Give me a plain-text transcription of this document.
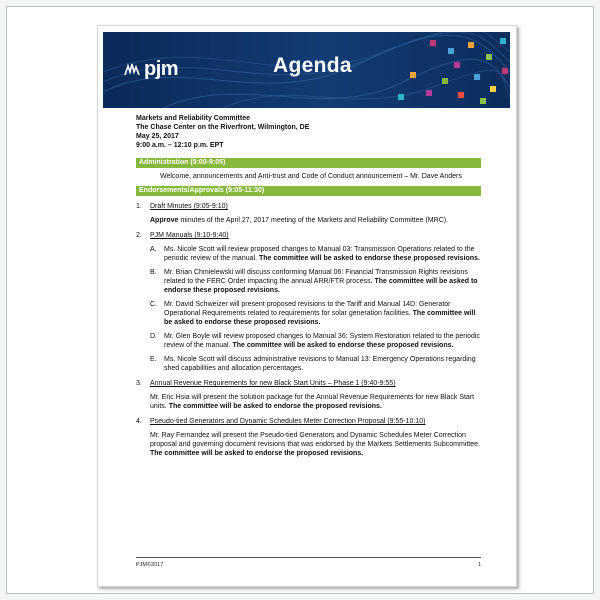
pjm	Agenda
Markets and Reliability Committee
The Chase Center on the Riverfront, Wilmington, DE
May 25, 2017
9:00 a.m. – 12:10 p.m. EPT
Administration (9:00-9:05)
Welcome, announcements and Anti-trust and Code of Conduct announcement – Mr. Dave Anders
Endorsements/Approvals (9:05-11:30)
1.	Draft Minutes (9:05-9:10)
Approve minutes of the April 27, 2017 meeting of the Markets and Reliability Committee (MRC).
2.	PJM Manuals (9:10-9:40)
A.	Ms. Nicole Scott will review proposed changes to Manual 03: Transmission Operations related to the periodic review of the manual. The committee will be asked to endorse these proposed revisions.
B.	Mr. Brian Chmielewski will discuss conforming Manual 06: Financial Transmission Rights revisions related to the FERC Order impacting the annual ARR/FTR process. The committee will be asked to endorse these proposed revisions.
C.	Mr. David Schweizer will present proposed revisions to the Tariff and Manual 14D: Generator Operational Requirements related to requirements for solar generation facilities. The committee will be asked to endorse these proposed revisions.
D.	Mr. Glen Boyle will review proposed changes to Manual 36: System Restoration related to the periodic review of the manual. The committee will be asked to endorse these proposed revisions.
E.	Ms. Nicole Scott will discuss administrative revisions to Manual 13: Emergency Operations regarding shed capabilities and allocation percentages.
3.	Annual Revenue Requirements for new Black Start Units – Phase 1 (9:40-9:55)
Mr. Eric Hsia will present the solution package for the Annual Revenue Requirements for new Black Start units. The committee will be asked to endorse the proposed revisions.
4.	Pseudo-tied Generators and Dynamic Schedules Meter Correction Proposal (9:55-10:10)
Mr. Ray Fernandez will present the Pseudo-tied Generators and Dynamic Schedules Meter Correction proposal and governing document revisions that was endorsed by the Markets Settlements Subcommittee. The committee will be asked to endorse the proposed revisions.
PJM©2017	1
